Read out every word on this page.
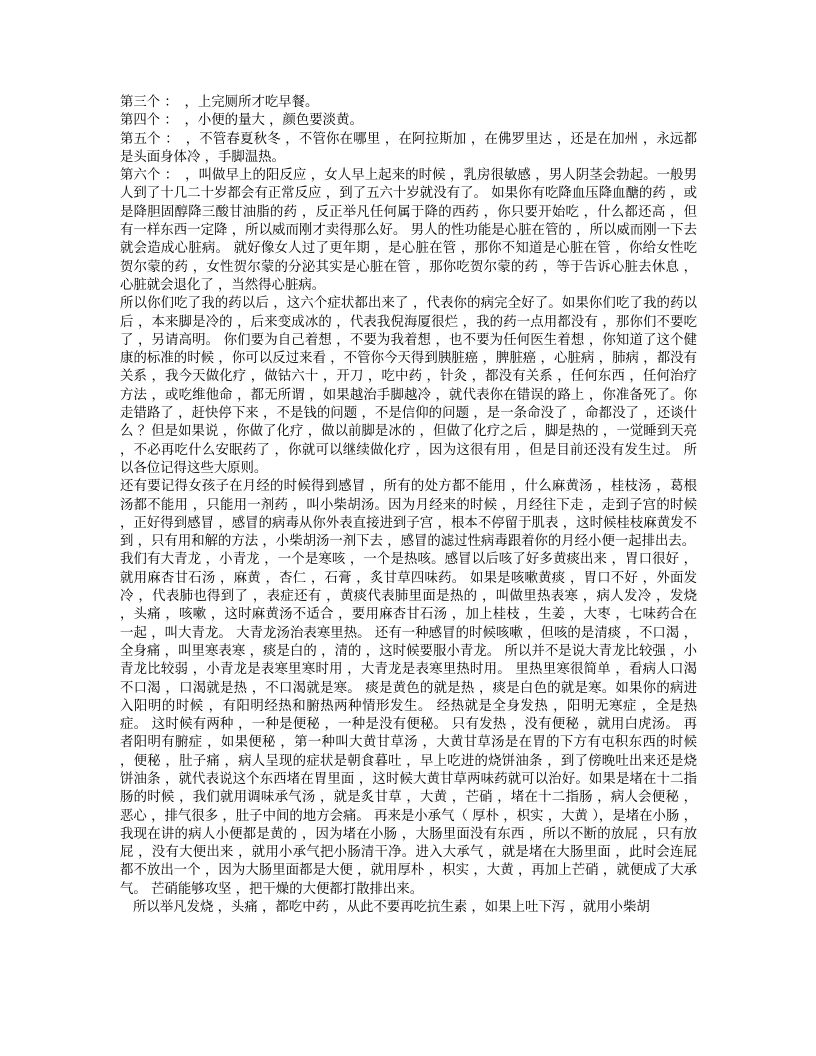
第三个 ：　，上完厕所才吃早餐。

第四个 ：　，小便的量大 ，颜色要淡黄。

第五个 ：　，不管春夏秋冬 ，不管你在哪里 ，在阿拉斯加 ，在佛罗里达 ，还是在加州 ，永远都是头面身体冷 ，手脚温热。

第六个 ：　，叫做早上的阳反应 ，女人早上起来的时候 ，乳房很敏感 ，男人阴茎会勃起。一般男人到了十几二十岁都会有正常反应 ，到了五六十岁就没有了。 如果你有吃降血压降血醣的药 ，或是降胆固醇降三酸甘油脂的药 ，反正举凡任何属于降的西药 ，你只要开始吃 ，什么都还高 ，但有一样东西一定降 ，所以威而刚才卖得那么好。 男人的性功能是心脏在管的 ，所以威而刚一下去就会造成心脏病。 就好像女人过了更年期 ，是心脏在管 ，那你不知道是心脏在管 ，你给女性吃贺尔蒙的药 ，女性贺尔蒙的分泌其实是心脏在管 ，那你吃贺尔蒙的药 ，等于告诉心脏去休息 ，心脏就会退化了 ，当然得心脏病。

所以你们吃了我的药以后 ，这六个症状都出来了 ，代表你的病完全好了。如果你们吃了我的药以后 ，本来脚是冷的 ，后来变成冰的 ，代表我倪海厦很烂 ，我的药一点用都没有 ，那你们不要吃了 ，另请高明。 你们要为自己着想 ，不要为我着想 ，也不要为任何医生着想 ，你知道了这个健康的标准的时候 ，你可以反过来看 ，不管你今天得到胰脏癌 ，脾脏癌 ，心脏病 ，肺病 ，都没有关系 ，我今天做化疗 ，做钴六十 ，开刀 ，吃中药 ，针灸 ，都没有关系 ，任何东西 ，任何治疗方法 ，或吃维他命 ，都无所谓 ，如果越治手脚越冷 ，就代表你在错误的路上 ，你准备死了。你走错路了 ，赶快停下来 ，不是钱的问题 ，不是信仰的问题 ，是一条命没了 ，命都没了 ，还谈什么 ？但是如果说 ，你做了化疗 ，做以前脚是冰的 ，但做了化疗之后 ，脚是热的 ，一觉睡到天亮 ，不必再吃什么安眠药了 ，你就可以继续做化疗 ，因为这很有用 ，但是目前还没有发生过。 所以各位记得这些大原则。

还有要记得女孩子在月经的时候得到感冒 ，所有的处方都不能用 ，什么麻黄汤 ，桂枝汤 ，葛根汤都不能用 ，只能用一剂药 ，叫小柴胡汤。因为月经来的时候 ，月经往下走 ，走到子宫的时候 ，正好得到感冒 ，感冒的病毒从你外表直接进到子宫 ，根本不停留于肌表 ，这时候桂枝麻黄发不到 ，只有用和解的方法 ，小柴胡汤一剂下去 ，感冒的滤过性病毒跟着你的月经小便一起排出去。

我们有大青龙 ，小青龙 ，一个是寒咳 ，一个是热咳。感冒以后咳了好多黄痰出来 ，胃口很好 ，就用麻杏甘石汤 ，麻黄 ，杏仁 ，石膏 ，炙甘草四味药。 如果是咳嗽黄痰 ，胃口不好 ，外面发冷 ，代表肺也得到了 ，表症还有 ，黄痰代表肺里面是热的 ，叫做里热表寒 ，病人发冷 ，发烧 ，头痛 ，咳嗽 ，这时麻黄汤不适合 ，要用麻杏甘石汤 ，加上桂枝 ，生姜 ，大枣 ，七味药合在一起 ，叫大青龙。 大青龙汤治表寒里热。 还有一种感冒的时候咳嗽 ，但咳的是清痰 ，不口渴 ，全身痛 ，叫里寒表寒 ，痰是白的 ，清的 ，这时候要服小青龙。 所以并不是说大青龙比较强 ，小青龙比较弱 ，小青龙是表寒里寒时用 ，大青龙是表寒里热时用。 里热里寒很简单 ，看病人口渴不口渴 ，口渴就是热 ，不口渴就是寒。 痰是黄色的就是热 ，痰是白色的就是寒。如果你的病进入阳明的时候 ，有阳明经热和腑热两种情形发生。 经热就是全身发热 ，阳明无寒症 ，全是热症。 这时候有两种 ，一种是便秘 ，一种是没有便秘。 只有发热 ，没有便秘 ，就用白虎汤。 再者阳明有腑症 ，如果便秘 ，第一种叫大黄甘草汤 ，大黄甘草汤是在胃的下方有屯积东西的时候 ，便秘 ，肚子痛 ，病人呈现的症状是朝食暮吐 ，早上吃进的烧饼油条 ，到了傍晚吐出来还是烧饼油条 ，就代表说这个东西堵在胃里面 ，这时候大黄甘草两味药就可以治好。如果是堵在十二指肠的时候 ，我们就用调味承气汤 ，就是炙甘草 ，大黄 ，芒硝 ，堵在十二指肠 ，病人会便秘 ，恶心 ，排气很多 ，肚子中间的地方会痛。 再来是小承气（ 厚朴 ，枳实 ，大黄 ），是堵在小肠 ，我现在讲的病人小便都是黄的 ，因为堵在小肠 ，大肠里面没有东西 ，所以不断的放屁 ，只有放屁 ，没有大便出来 ，就用小承气把小肠清干净。进入大承气 ，就是堵在大肠里面 ，此时会连屁都不放出一个 ，因为大肠里面都是大便 ，就用厚朴 ，枳实 ，大黄 ，再加上芒硝 ，就便成了大承气。 芒硝能够攻坚 ，把干燥的大便都打散排出来。

所以举凡发烧 ，头痛 ，都吃中药 ，从此不要再吃抗生素 ，如果上吐下泻 ，就用小柴胡
